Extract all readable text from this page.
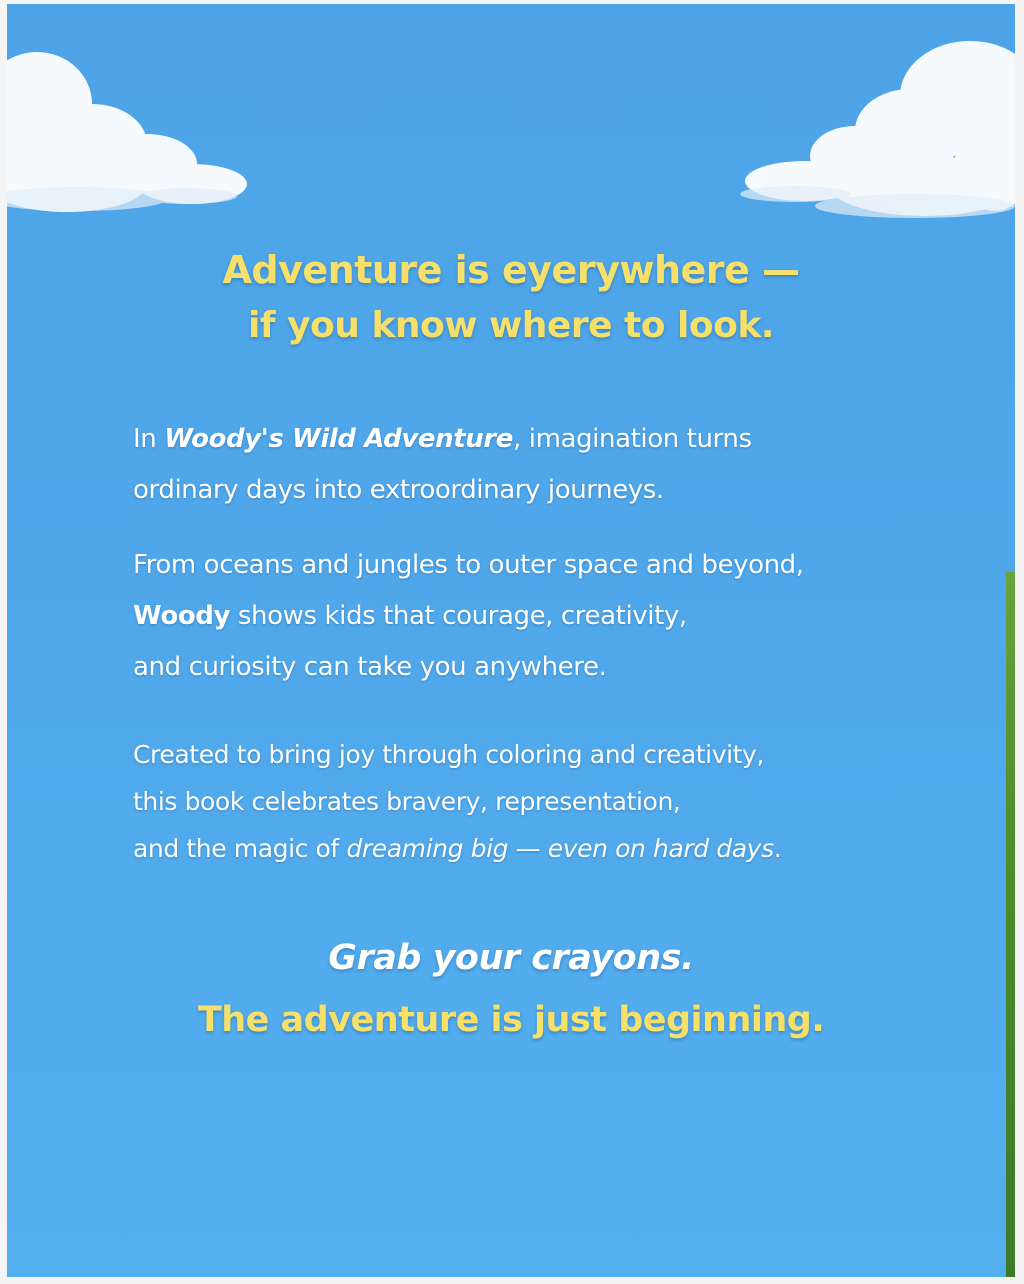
Adventure is eyerywhere —
if you know where to look.
In Woody's Wild Adventure, imagination turns
ordinary days into extroordinary journeys.
From oceans and jungles to outer space and beyond,
Woody shows kids that courage, creativity,
and curiosity can take you anywhere.
Created to bring joy through coloring and creativity,
this book celebrates bravery, representation,
and the magic of dreaming big — even on hard days.
Grab your crayons.
The adventure is just beginning.
